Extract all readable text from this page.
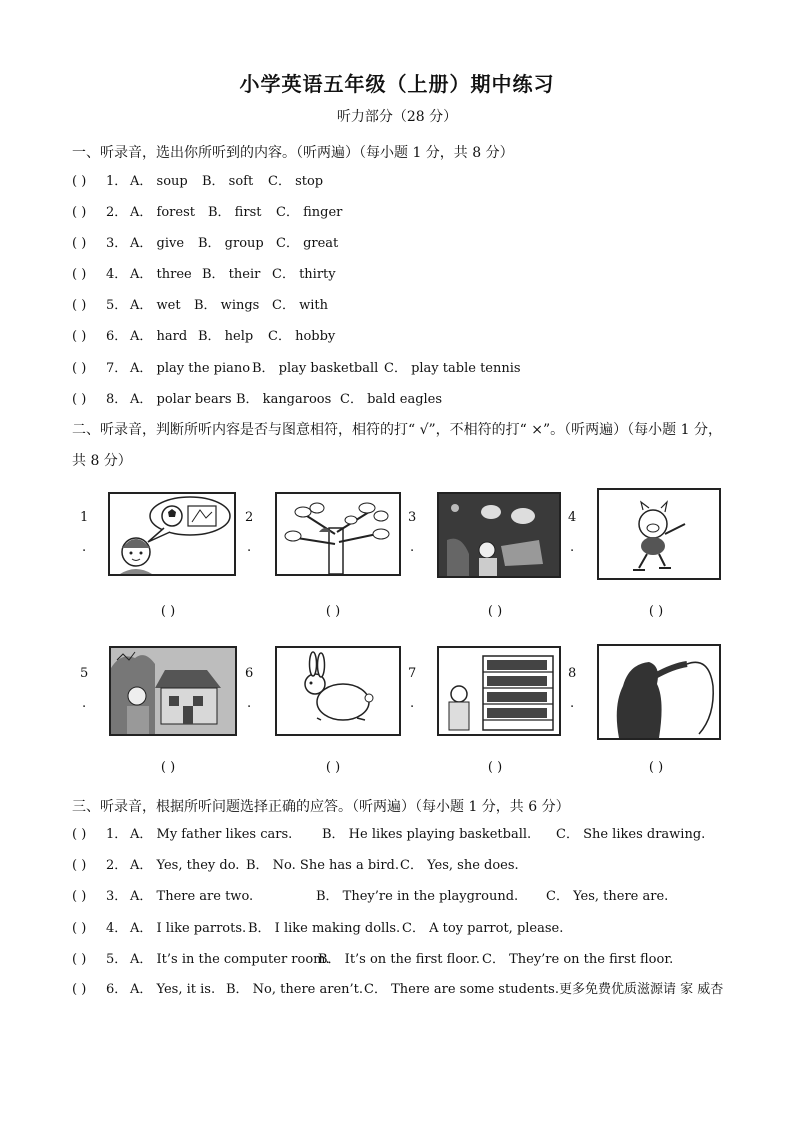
小学英语五年级（上册）期中练习
听力部分（28 分）
一、听录音，选出你所听到的内容。（听两遍）（每小题 1 分，共 8 分）
( ) 1． A． soup B． soft C． stop
( ) 2． A． forest B． first C． finger
( ) 3． A． give B． group C． great
( ) 4． A． three B． their C． thirty
( ) 5． A． wet B． wings C． with
( ) 6． A． hard B． help C． hobby
( ) 7． A． play the piano B． play basketball C． play table tennis
( ) 8． A． polar bears B． kangaroos C． bald eagles
二、听录音，判断所听内容是否与图意相符，相符的打“ √”，不相符的打“ ×”。（听两遍）（每小题 1 分，共 8 分）
1
.
( )
2
.
( )
3
.
( )
4
.
( )
5
.
( )
6
.
( )
7
.
( )
8
.
( )
三、听录音，根据所听问题选择正确的应答。（听两遍）（每小题 1 分，共 6 分）
( ) 1． A． My father likes cars. B． He likes playing basketball. C． She likes drawing.
( ) 2． A． Yes, they do. B． No. She has a bird. C． Yes, she does.
( ) 3． A． There are two.	B． They’re in the playground. C． Yes, there are.
( ) 4． A． I like parrots. B． I like making dolls. C． A toy parrot, please.
( ) 5． A． It’s in the computer room.
B． It’s on the first floor. C． They’re on the first floor.
( ) 6． A． Yes, it is. B． No, there aren’t. C． There are some students.更多免费优质滋源请 家 威杏
